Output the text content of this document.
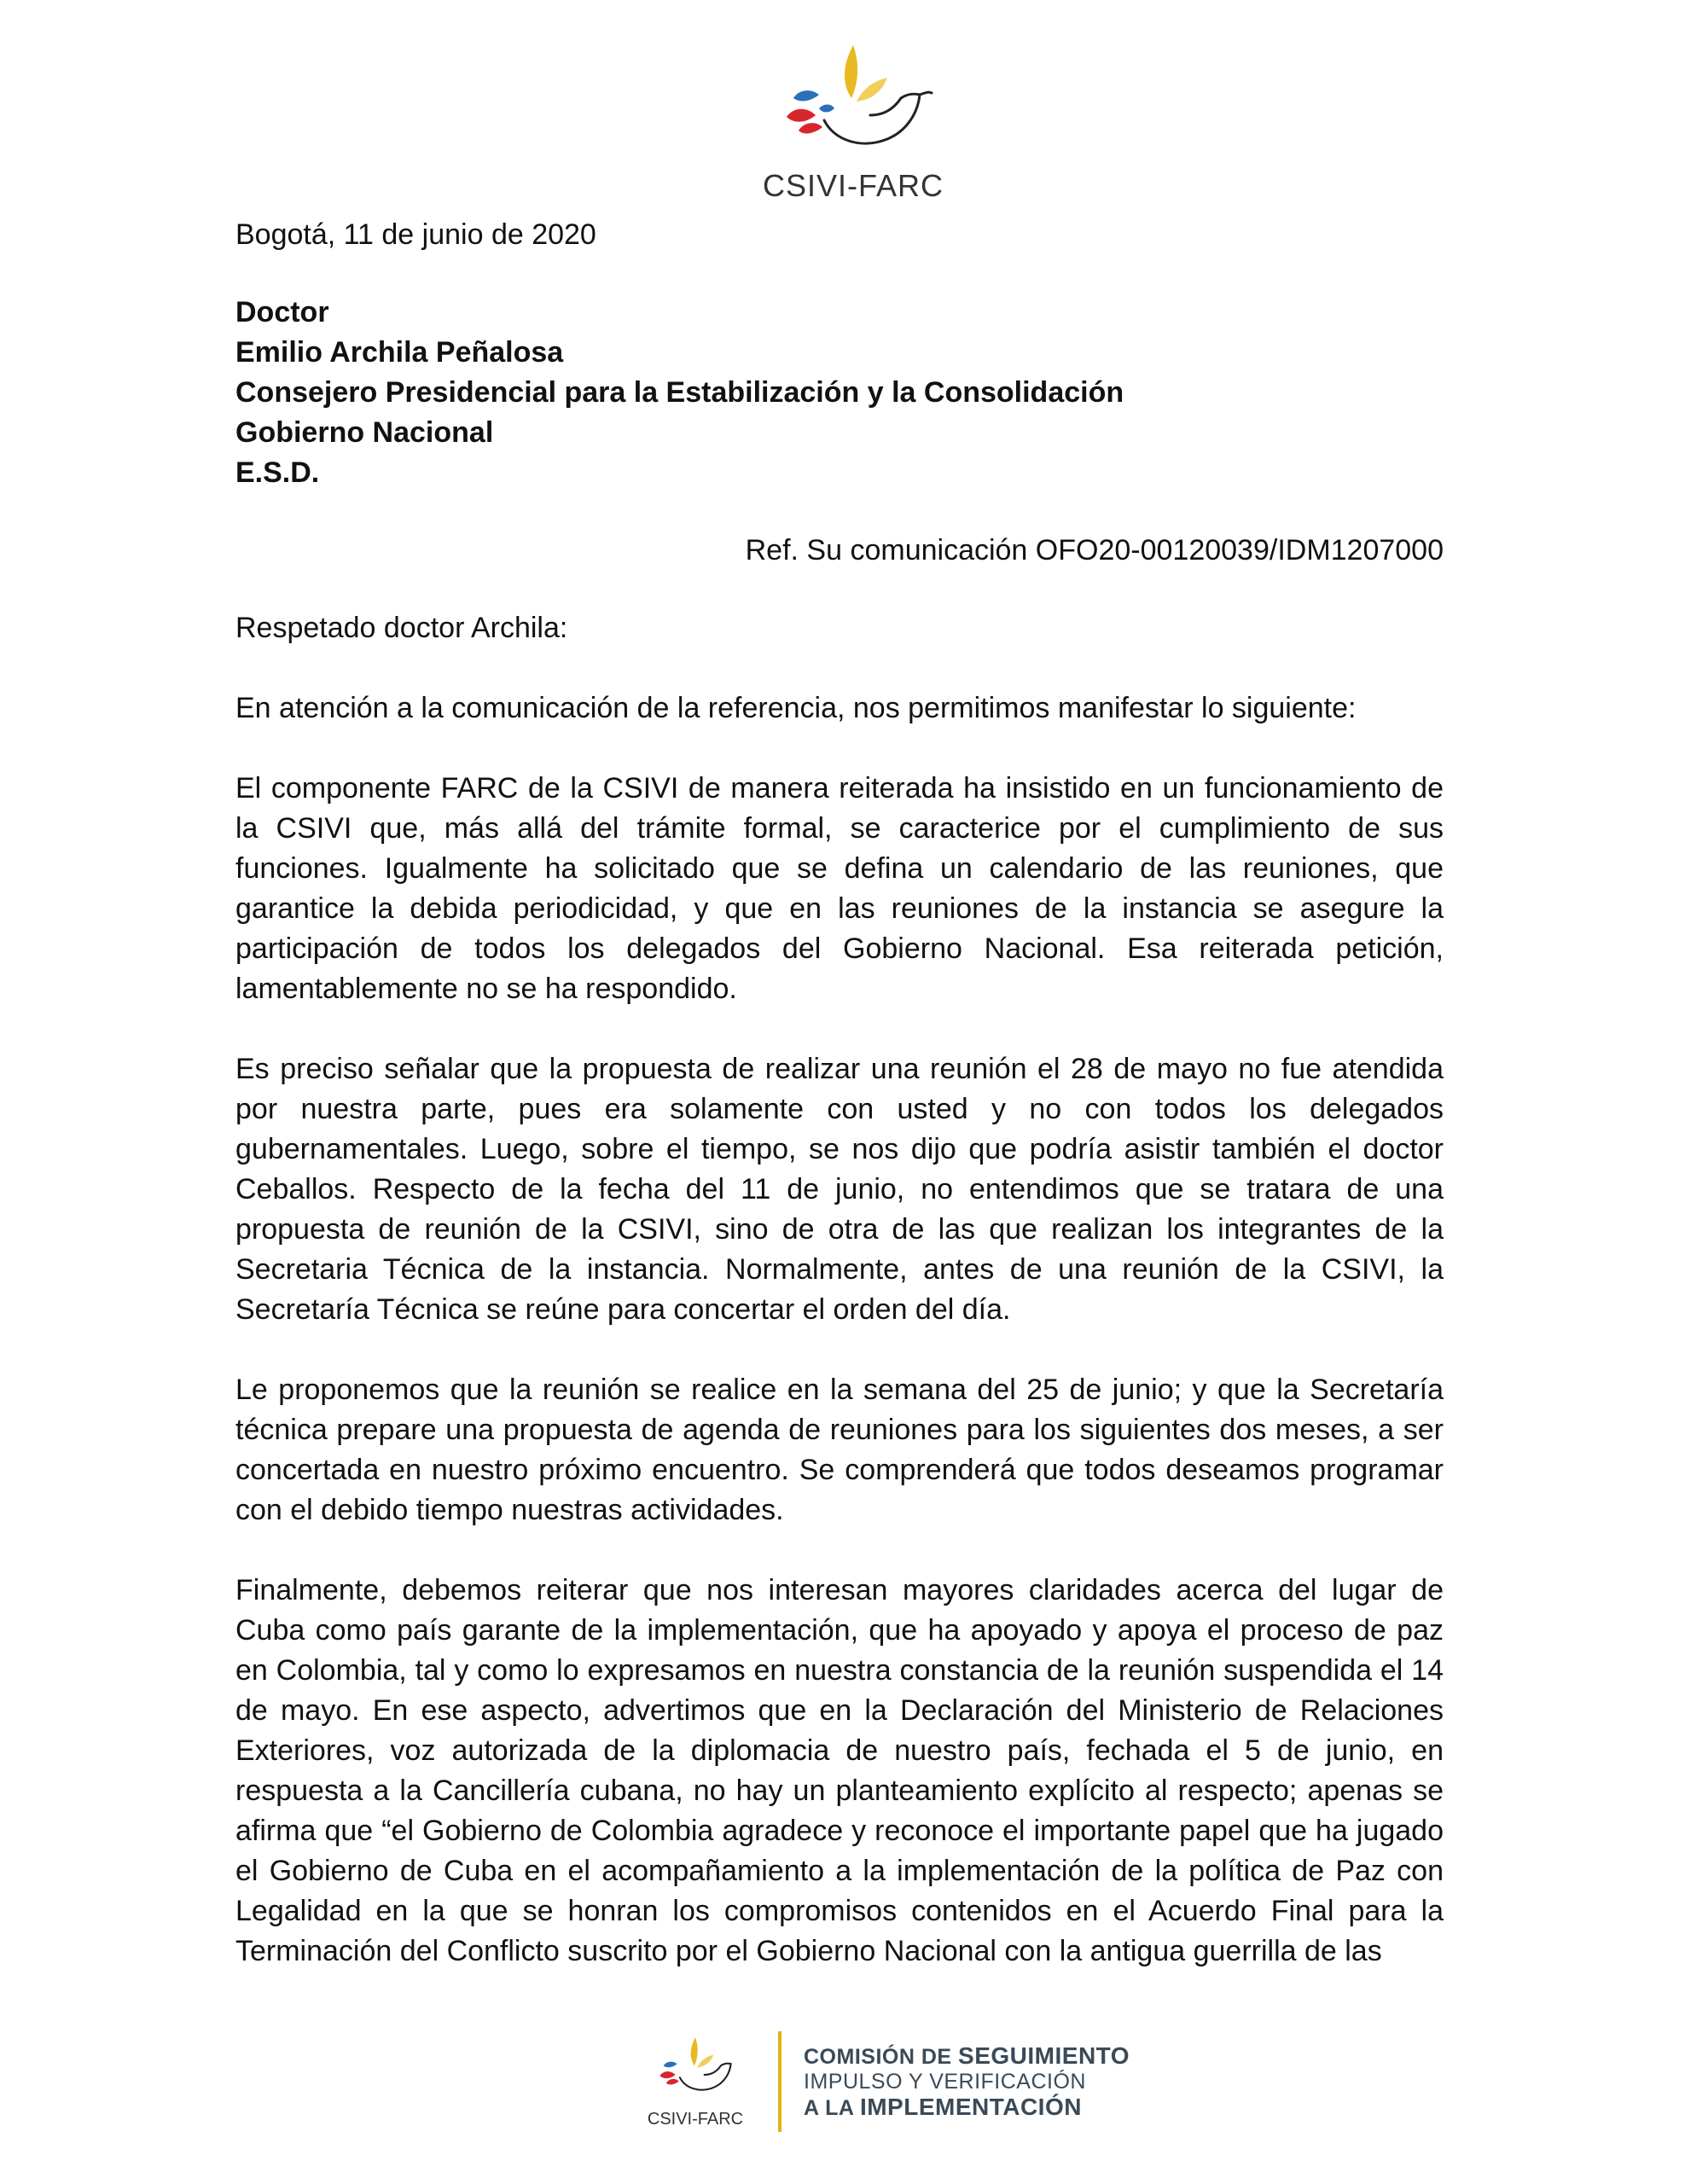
CSIVI-FARC
Bogotá, 11 de junio de 2020
Doctor
Emilio Archila Peñalosa
Consejero Presidencial para la Estabilización y la Consolidación
Gobierno Nacional
E.S.D.
Ref. Su comunicación OFO20-00120039/IDM1207000
Respetado doctor Archila:
En atención a la comunicación de la referencia, nos permitimos manifestar lo siguiente:
El componente FARC de la CSIVI de manera reiterada ha insistido en un funcionamiento de la CSIVI que, más allá del trámite formal, se caracterice por el cumplimiento de sus funciones. Igualmente ha solicitado que se defina un calendario de las reuniones, que garantice la debida periodicidad, y que en las reuniones de la instancia se asegure la participación de todos los delegados del Gobierno Nacional. Esa reiterada petición, lamentablemente no se ha respondido.
Es preciso señalar que la propuesta de realizar una reunión el 28 de mayo no fue atendida por nuestra parte, pues era solamente con usted y no con todos los delegados gubernamentales. Luego, sobre el tiempo, se nos dijo que podría asistir también el doctor Ceballos. Respecto de la fecha del 11 de junio, no entendimos que se tratara de una propuesta de reunión de la CSIVI, sino de otra de las que realizan los integrantes de la Secretaria Técnica de la instancia. Normalmente, antes de una reunión de la CSIVI, la Secretaría Técnica se reúne para concertar el orden del día.
Le proponemos que la reunión se realice en la semana del 25 de junio; y que la Secretaría técnica prepare una propuesta de agenda de reuniones para los siguientes dos meses, a ser concertada en nuestro próximo encuentro. Se comprenderá que todos deseamos programar con el debido tiempo nuestras actividades.
Finalmente, debemos reiterar que nos interesan mayores claridades acerca del lugar de Cuba como país garante de la implementación, que ha apoyado y apoya el proceso de paz en Colombia, tal y como lo expresamos en nuestra constancia de la reunión suspendida el 14 de mayo. En ese aspecto, advertimos que en la Declaración del Ministerio de Relaciones Exteriores, voz autorizada de la diplomacia de nuestro país, fechada el 5 de junio, en respuesta a la Cancillería cubana, no hay un planteamiento explícito al respecto; apenas se afirma que “el Gobierno de Colombia agradece y reconoce el importante papel que ha jugado el Gobierno de Cuba en el acompañamiento a la implementación de la política de Paz con Legalidad en la que se honran los compromisos contenidos en el Acuerdo Final para la Terminación del Conflicto suscrito por el Gobierno Nacional con la antigua guerrilla de las
CSIVI-FARC
COMISIÓN DE SEGUIMIENTO
IMPULSO Y VERIFICACIÓN
A LA IMPLEMENTACIÓN
